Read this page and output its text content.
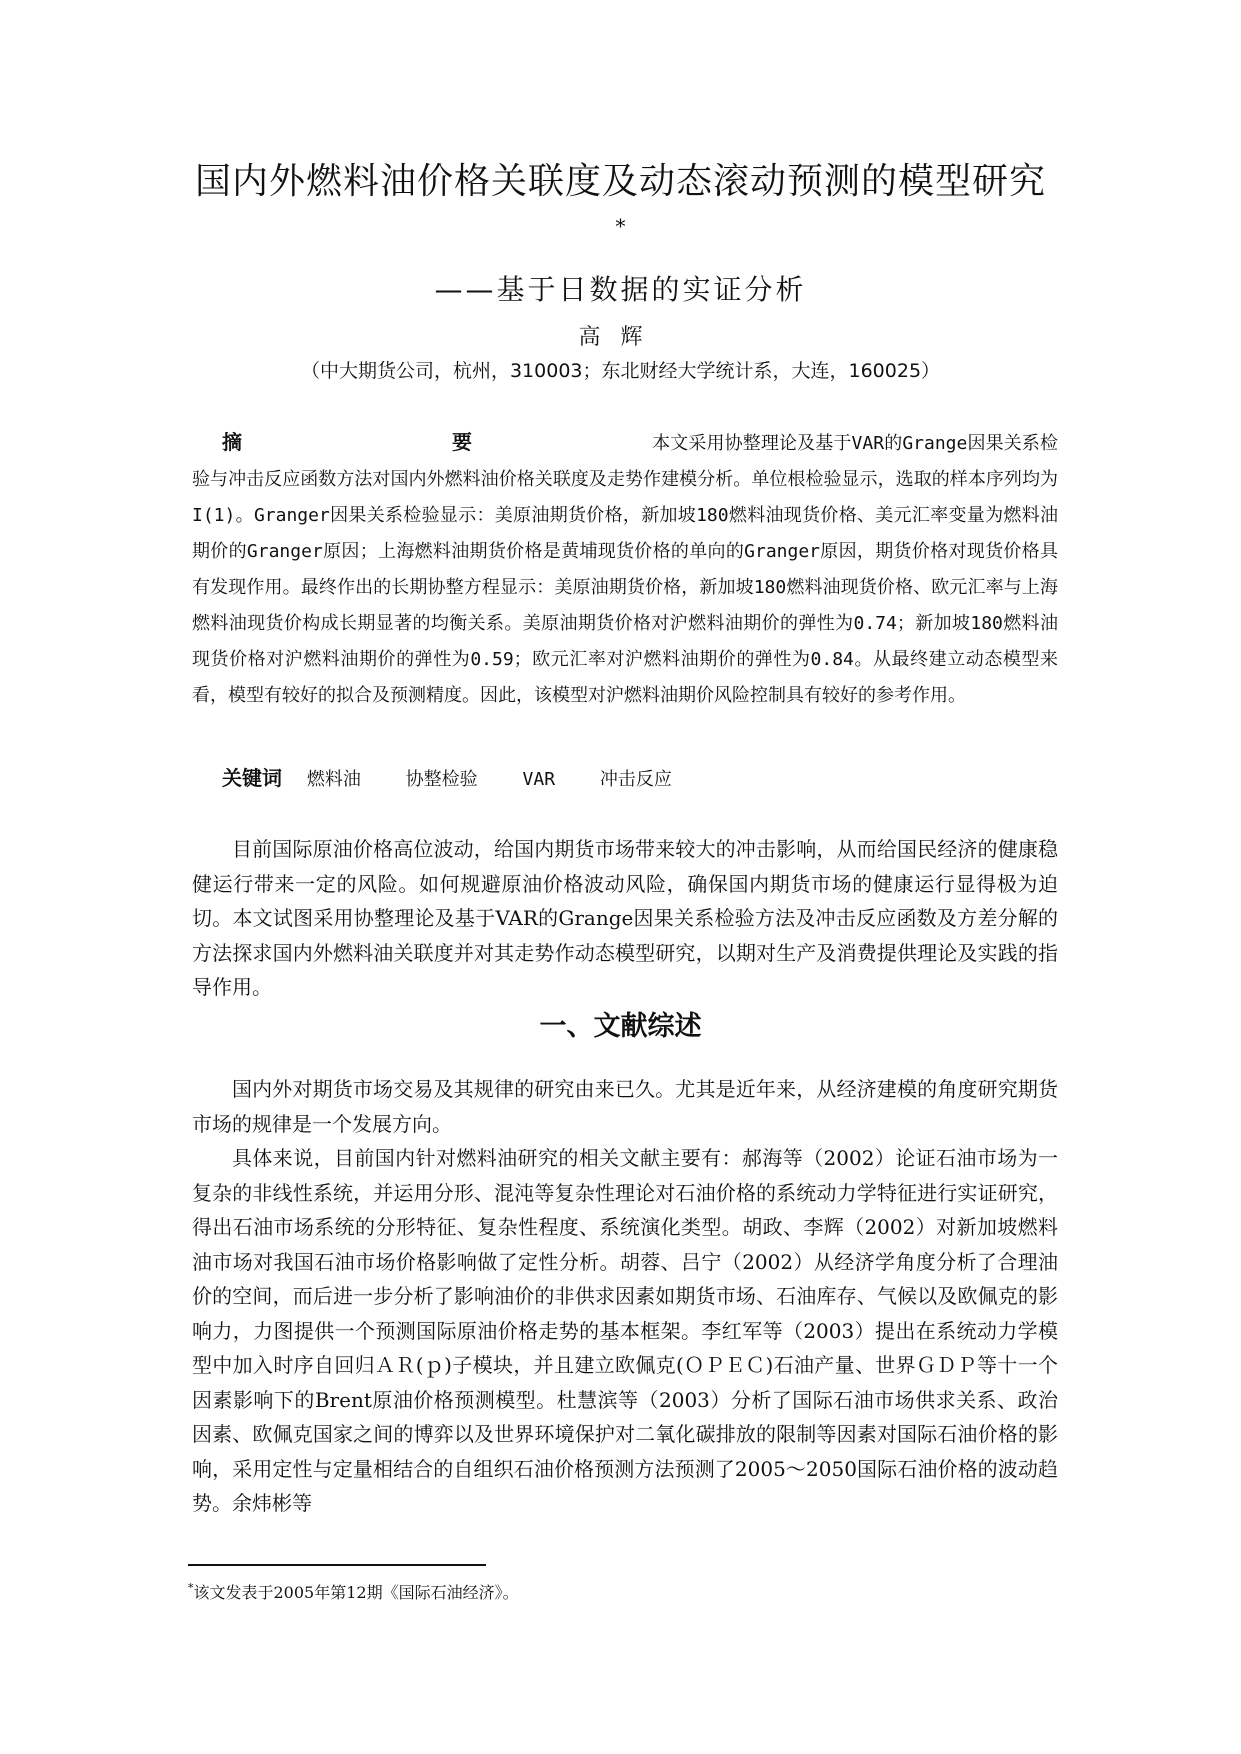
国内外燃料油价格关联度及动态滚动预测的模型研究
*
——基于日数据的实证分析
高辉
（中大期货公司，杭州，310003；东北财经大学统计系，大连，160025）
摘	要	本文采用协整理论及基于VAR的Grange因果关系检验与冲击反应函数方法对国内外燃料油价格关联度及走势作建模分析。单位根检验显示，选取的样本序列均为I(1)。Granger因果关系检验显示：美原油期货价格，新加坡180燃料油现货价格、美元汇率变量为燃料油期价的Granger原因；上海燃料油期货价格是黄埔现货价格的单向的Granger原因，期货价格对现货价格具有发现作用。最终作出的长期协整方程显示：美原油期货价格，新加坡180燃料油现货价格、欧元汇率与上海燃料油现货价构成长期显著的均衡关系。美原油期货价格对沪燃料油期价的弹性为0.74；新加坡180燃料油现货价格对沪燃料油期价的弹性为0.59；欧元汇率对沪燃料油期价的弹性为0.84。从最终建立动态模型来看，模型有较好的拟合及预测精度。因此，该模型对沪燃料油期价风险控制具有较好的参考作用。
关键词 燃料油 协整检验 VAR 冲击反应

目前国际原油价格高位波动，给国内期货市场带来较大的冲击影响，从而给国民经济的健康稳健运行带来一定的风险。如何规避原油价格波动风险，确保国内期货市场的健康运行显得极为迫切。本文试图采用协整理论及基于VAR的Grange因果关系检验方法及冲击反应函数及方差分解的方法探求国内外燃料油关联度并对其走势作动态模型研究，以期对生产及消费提供理论及实践的指导作用。

一、文献综述

国内外对期货市场交易及其规律的研究由来已久。尤其是近年来，从经济建模的角度研究期货市场的规律是一个发展方向。

具体来说，目前国内针对燃料油研究的相关文献主要有：郝海等（2002）论证石油市场为一复杂的非线性系统，并运用分形、混沌等复杂性理论对石油价格的系统动力学特征进行实证研究，得出石油市场系统的分形特征、复杂性程度、系统演化类型。胡政、李辉（2002）对新加坡燃料油市场对我国石油市场价格影响做了定性分析。胡蓉、吕宁（2002）从经济学角度分析了合理油价的空间，而后进一步分析了影响油价的非供求因素如期货市场、石油库存、气候以及欧佩克的影响力，力图提供一个预测国际原油价格走势的基本框架。李红军等（2003）提出在系统动力学模型中加入时序自回归ＡＲ(ｐ)子模块，并且建立欧佩克(ＯＰＥＣ)石油产量、世界ＧＤＰ等十一个因素影响下的Brent原油价格预测模型。杜慧滨等（2003）分析了国际石油市场供求关系、政治因素、欧佩克国家之间的博弈以及世界环境保护对二氧化碳排放的限制等因素对国际石油价格的影响，采用定性与定量相结合的自组织石油价格预测方法预测了2005～2050国际石油价格的波动趋势。余炜彬等

*该文发表于2005年第12期《国际石油经济》。
